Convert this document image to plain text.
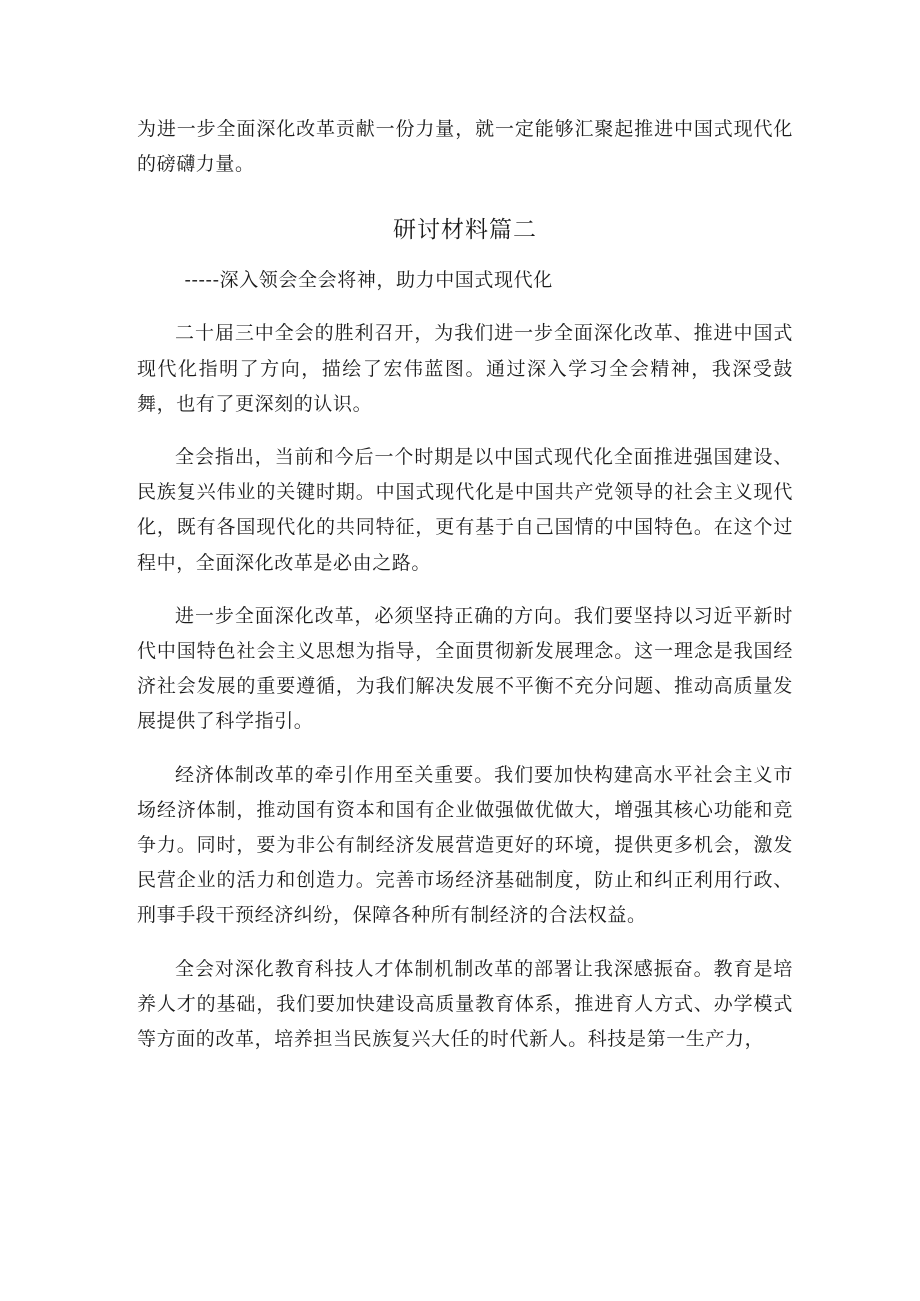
为进一步全面深化改革贡献一份力量，就一定能够汇聚起推进中国式现代化的磅礴力量。

研讨材料篇二

-----深入领会全会将神，助力中国式现代化

二十届三中全会的胜利召开，为我们进一步全面深化改革、推进中国式现代化指明了方向，描绘了宏伟蓝图。通过深入学习全会精神，我深受鼓舞，也有了更深刻的认识。

全会指出，当前和今后一个时期是以中国式现代化全面推进强国建设、民族复兴伟业的关键时期。中国式现代化是中国共产党领导的社会主义现代化，既有各国现代化的共同特征，更有基于自己国情的中国特色。在这个过程中，全面深化改革是必由之路。

进一步全面深化改革，必须坚持正确的方向。我们要坚持以习近平新时代中国特色社会主义思想为指导，全面贯彻新发展理念。这一理念是我国经济社会发展的重要遵循，为我们解决发展不平衡不充分问题、推动高质量发展提供了科学指引。

经济体制改革的牵引作用至关重要。我们要加快构建高水平社会主义市场经济体制，推动国有资本和国有企业做强做优做大，增强其核心功能和竞争力。同时，要为非公有制经济发展营造更好的环境，提供更多机会，激发民营企业的活力和创造力。完善市场经济基础制度，防止和纠正利用行政、刑事手段干预经济纠纷，保障各种所有制经济的合法权益。

全会对深化教育科技人才体制机制改革的部署让我深感振奋。教育是培养人才的基础，我们要加快建设高质量教育体系，推进育人方式、办学模式等方面的改革，培养担当民族复兴大任的时代新人。科技是第一生产力，
